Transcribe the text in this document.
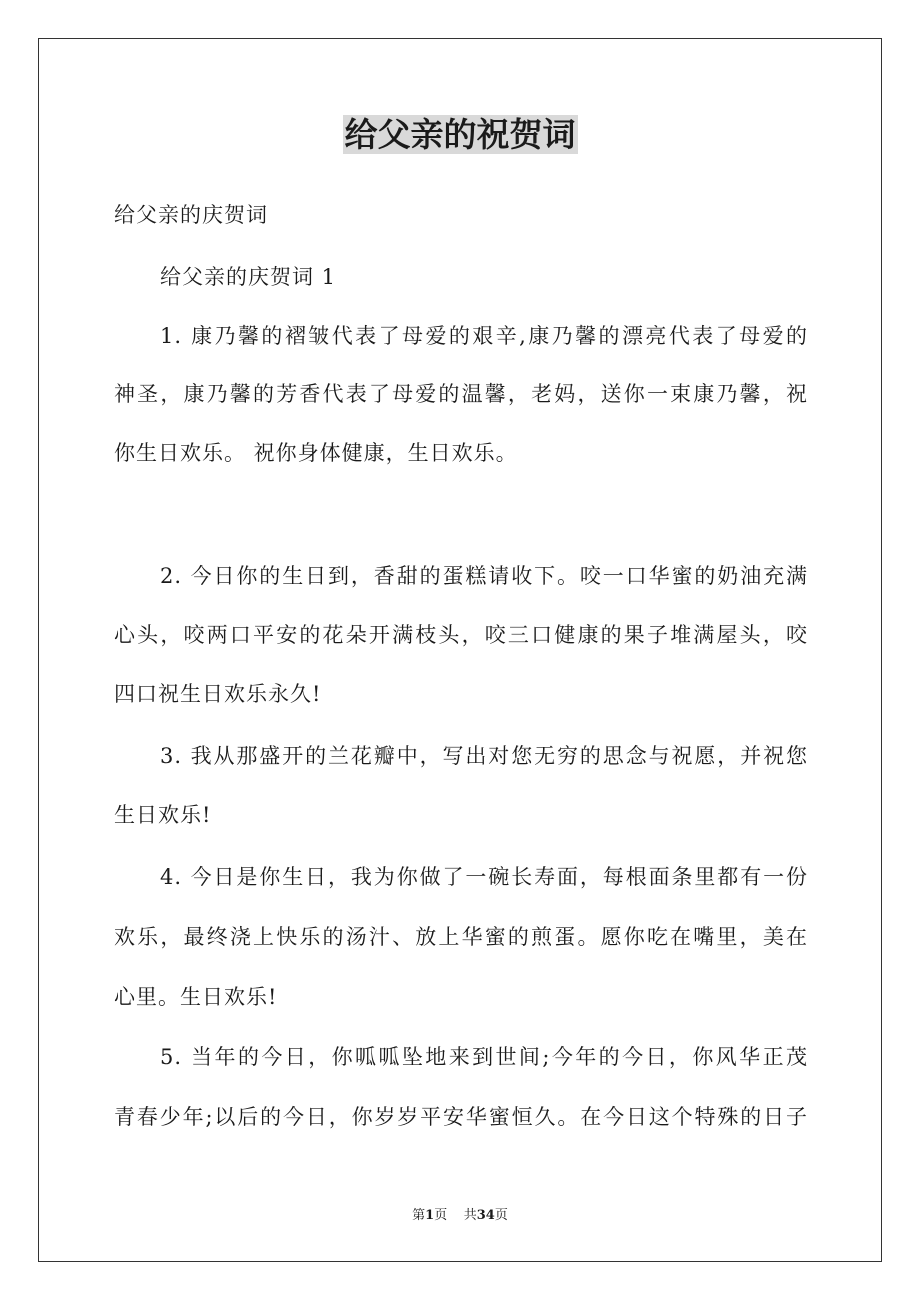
给父亲的祝贺词
给父亲的庆贺词
给父亲的庆贺词 1
1. 康乃馨的褶皱代表了母爱的艰辛,康乃馨的漂亮代表了母爱的
神圣，康乃馨的芳香代表了母爱的温馨，老妈，送你一束康乃馨，祝
你生日欢乐。 祝你身体健康，生日欢乐。
2. 今日你的生日到，香甜的蛋糕请收下。咬一口华蜜的奶油充满
心头，咬两口平安的花朵开满枝头，咬三口健康的果子堆满屋头，咬
四口祝生日欢乐永久!
3. 我从那盛开的兰花瓣中，写出对您无穷的思念与祝愿，并祝您
生日欢乐!
4. 今日是你生日，我为你做了一碗长寿面，每根面条里都有一份
欢乐，最终浇上快乐的汤汁、放上华蜜的煎蛋。愿你吃在嘴里，美在
心里。生日欢乐!
5. 当年的今日，你呱呱坠地来到世间;今年的今日，你风华正茂
青春少年;以后的今日，你岁岁平安华蜜恒久。在今日这个特殊的日子
第1页 共34页
